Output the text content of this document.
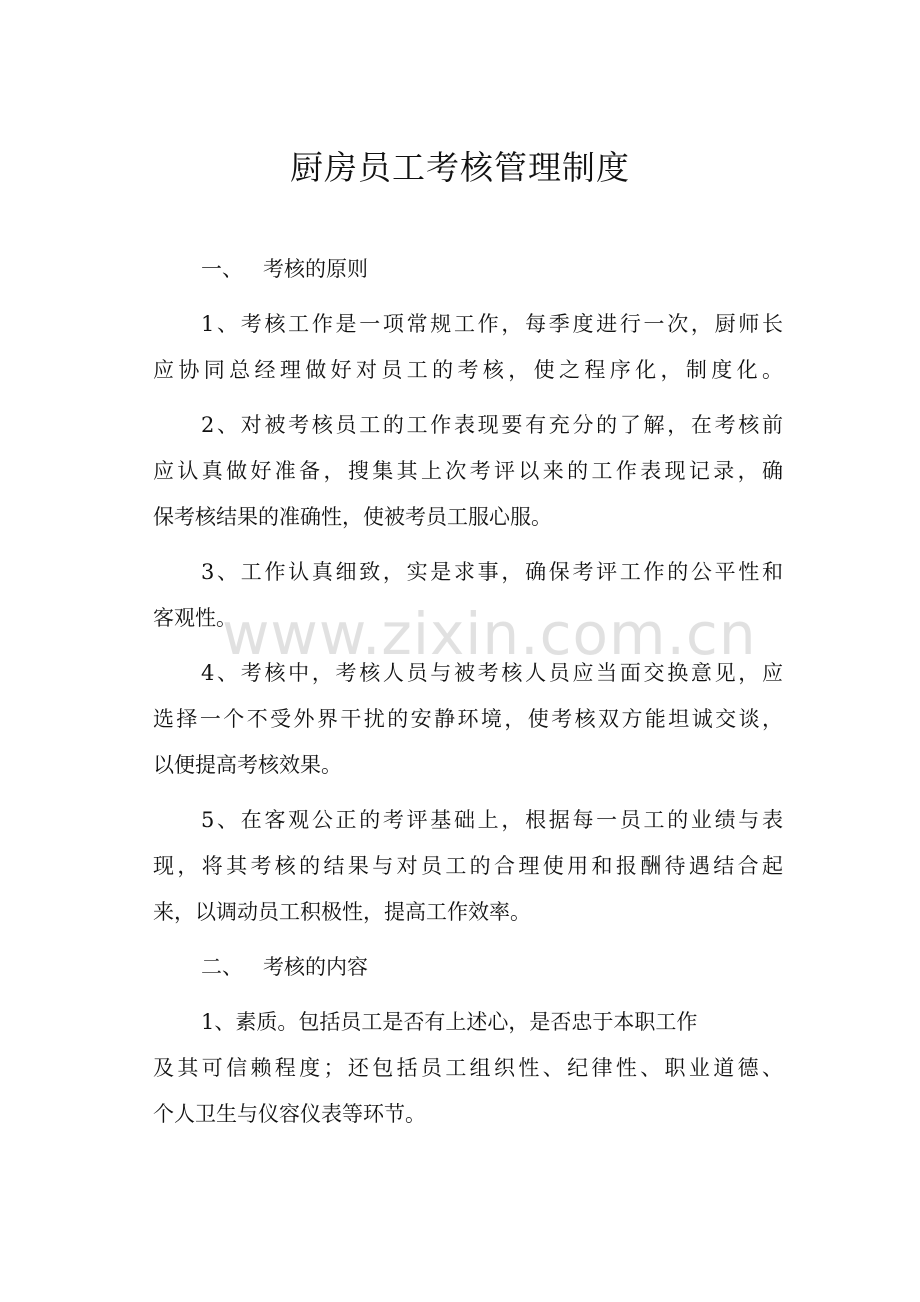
厨房员工考核管理制度
一、 考核的原则
1、考核工作是一项常规工作，每季度进行一次，厨师长
应协同总经理做好对员工的考核，使之程序化，制度化。
2、对被考核员工的工作表现要有充分的了解，在考核前
应认真做好准备，搜集其上次考评以来的工作表现记录，确
保考核结果的准确性，使被考员工服心服。
3、工作认真细致，实是求事，确保考评工作的公平性和
客观性。
4、考核中，考核人员与被考核人员应当面交换意见，应
选择一个不受外界干扰的安静环境，使考核双方能坦诚交谈，
以便提高考核效果。
5、在客观公正的考评基础上，根据每一员工的业绩与表
现，将其考核的结果与对员工的合理使用和报酬待遇结合起
来，以调动员工积极性，提高工作效率。
二、 考核的内容
1、素质。包括员工是否有上述心，是否忠于本职工作
及其可信赖程度；还包括员工组织性、纪律性、职业道德、
个人卫生与仪容仪表等环节。
www.zixin.com.cn
